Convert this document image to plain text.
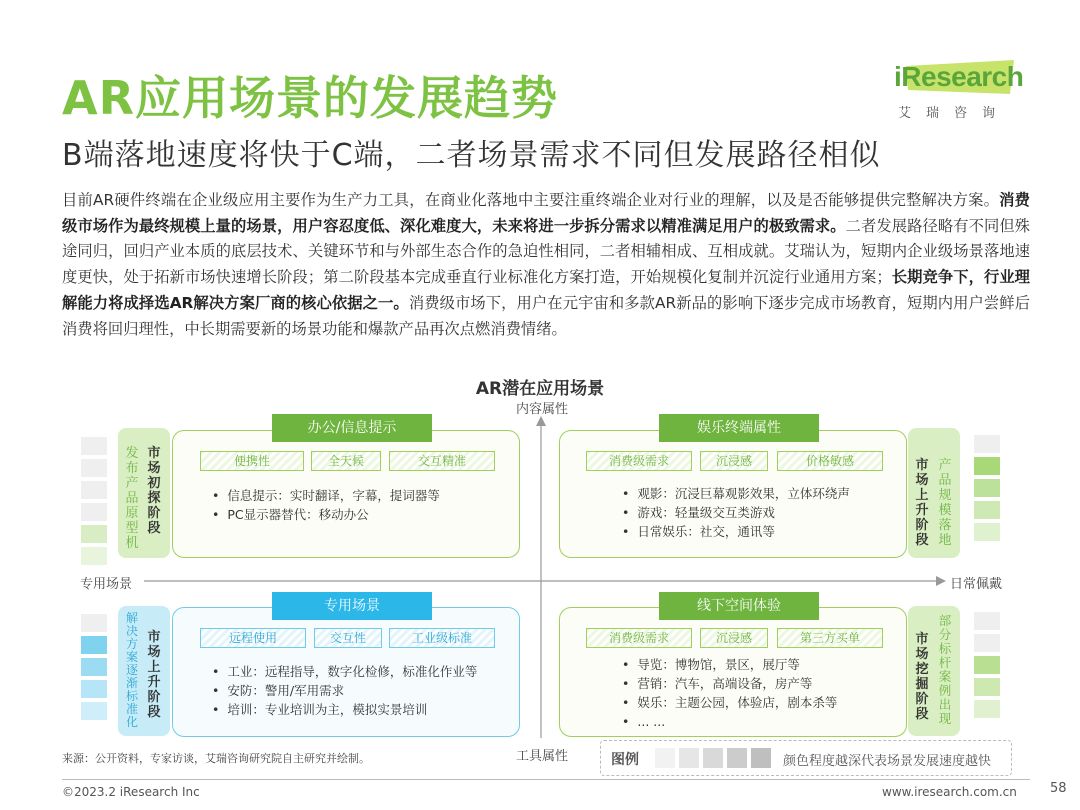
AR应用场景的发展趋势
B端落地速度将快于C端，二者场景需求不同但发展路径相似
iResearch
艾瑞咨询
目前AR硬件终端在企业级应用主要作为生产力工具，在商业化落地中主要注重终端企业对行业的理解，以及是否能够提供完整解决方案。消费级市场作为最终规模上量的场景，用户容忍度低、深化难度大，未来将进一步拆分需求以精准满足用户的极致需求。二者发展路径略有不同但殊途同归，回归产业本质的底层技术、关键环节和与外部生态合作的急迫性相同，二者相辅相成、互相成就。艾瑞认为，短期内企业级场景落地速度更快，处于拓新市场快速增长阶段；第二阶段基本完成垂直行业标准化方案打造，开始规模化复制并沉淀行业通用方案；长期竞争下，行业理解能力将成择选AR解决方案厂商的核心依据之一。消费级市场下，用户在元宇宙和多款AR新品的影响下逐步完成市场教育，短期内用户尝鲜后消费将回归理性，中长期需要新的场景功能和爆款产品再次点燃消费情绪。
AR潜在应用场景
内容属性
工具属性
专用场景	日常佩戴
发布产品原型机
市场初探阶段
办公/信息提示
便携性	全天候	交互精准
• 信息提示：实时翻译，字幕，提词器等
• PC显示器替代：移动办公
市场上升阶段
产品规模落地
娱乐终端属性
消费级需求	沉浸感	价格敏感
• 观影：沉浸巨幕观影效果，立体环绕声
• 游戏：轻量级交互类游戏
• 日常娱乐：社交，通讯等
解决方案逐渐标准化
市场上升阶段
专用场景
远程使用	交互性	工业级标准
• 工业：远程指导，数字化检修，标准化作业等
• 安防：警用/军用需求
• 培训：专业培训为主，模拟实景培训
市场挖掘阶段
部分标杆案例出现
线下空间体验
消费级需求	沉浸感	第三方买单
• 导览：博物馆，景区，展厅等
• 营销：汽车，高端设备，房产等
• 娱乐：主题公园，体验店，剧本杀等
• ... ...
来源：公开资料，专家访谈，艾瑞咨询研究院自主研究并绘制。	图例	颜色程度越深代表场景发展速度越快
©2023.2 iResearch Inc	www.iresearch.com.cn	58
